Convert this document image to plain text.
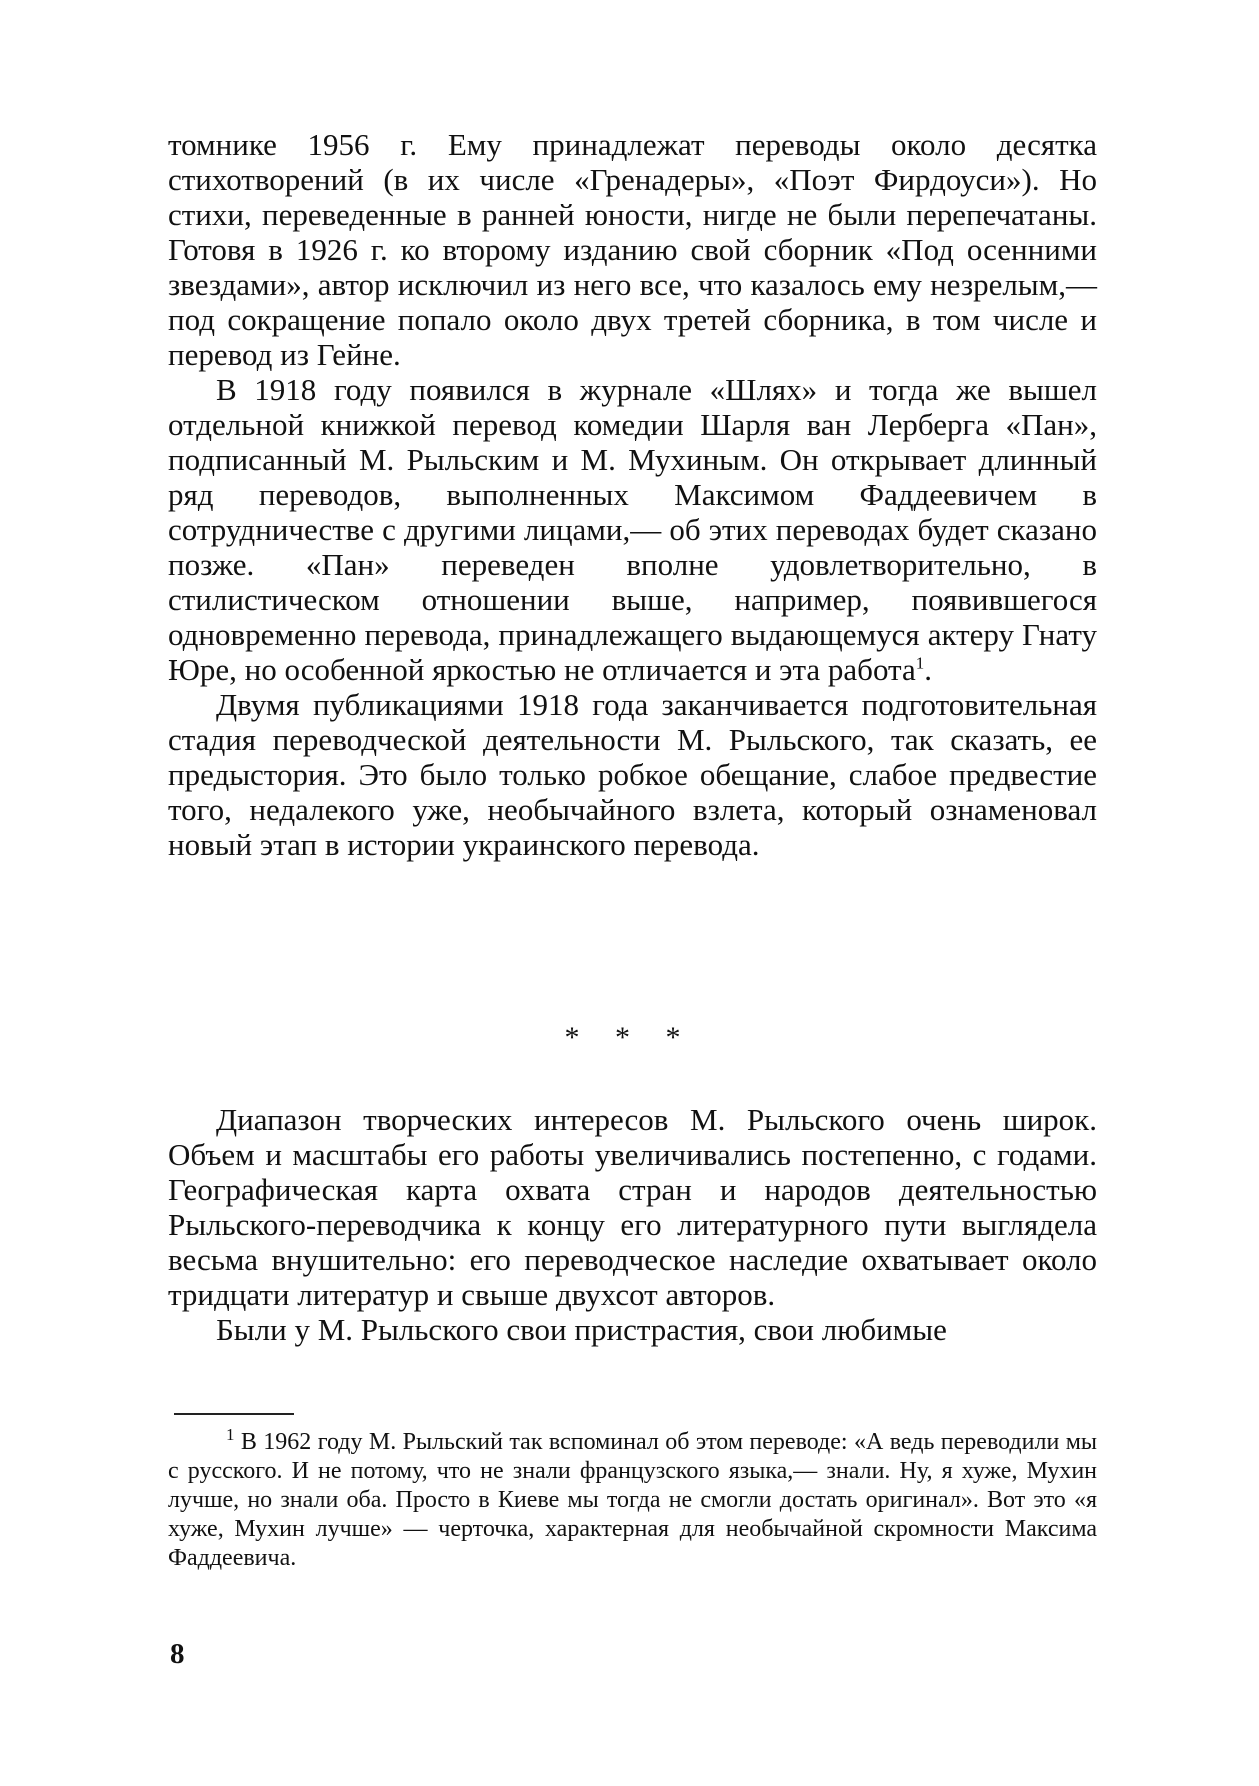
томнике 1956 г. Ему принадлежат переводы около десятка стихотворений (в их числе «Гренадеры», «Поэт Фирдоуси»). Но стихи, переведенные в ранней юности, нигде не были перепечатаны. Готовя в 1926 г. ко второму изданию свой сборник «Под осенними звездами», автор исключил из него все, что казалось ему незрелым,— под сокращение попало около двух третей сборника, в том числе и перевод из Гейне.

В 1918 году появился в журнале «Шлях» и тогда же вышел отдельной книжкой перевод комедии Шарля ван Лерберга «Пан», подписанный М. Рыльским и М. Мухиным. Он открывает длинный ряд переводов, выполненных Максимом Фаддеевичем в сотрудничестве с другими лицами,— об этих переводах будет сказано позже. «Пан» переведен вполне удовлетворительно, в стилистическом отношении выше, например, появившегося одновременно перевода, принадлежащего выдающемуся актеру Гнату Юре, но особенной яркостью не отличается и эта работа$^1$.

Двумя публикациями 1918 года заканчивается подготовительная стадия переводческой деятельности М. Рыльского, так сказать, ее предыстория. Это было только робкое обещание, слабое предвестие того, недалекого уже, необычайного взлета, который ознаменовал новый этап в истории украинского перевода.

* * *

Диапазон творческих интересов М. Рыльского очень широк. Объем и масштабы его работы увеличивались постепенно, с годами. Географическая карта охвата стран и народов деятельностью Рыльского-переводчика к концу его литературного пути выглядела весьма внушительно: его переводческое наследие охватывает около тридцати литератур и свыше двухсот авторов.

Были у М. Рыльского свои пристрастия, свои любимые

$^1$ В 1962 году М. Рыльский так вспоминал об этом переводе: «А ведь переводили мы с русского. И не потому, что не знали французского языка,— знали. Ну, я хуже, Мухин лучше, но знали оба. Просто в Киеве мы тогда не смогли достать оригинал». Вот это «я хуже, Мухин лучше» — черточка, характерная для необычайной скромности Максима Фаддеевича.

8
